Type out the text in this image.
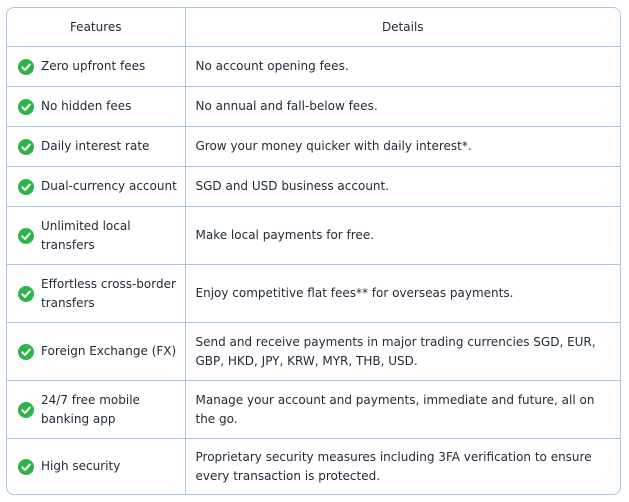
Features	Details

Zero upfront fees	No account opening fees.

No hidden fees	No annual and fall-below fees.

Daily interest rate	Grow your money quicker with daily interest*.

Dual-currency account	SGD and USD business account.

Unlimited local transfers	Make local payments for free.

Effortless cross-border transfers	Enjoy competitive flat fees** for overseas payments.

Foreign Exchange (FX)	Send and receive payments in major trading currencies SGD, EUR, GBP, HKD, JPY, KRW, MYR, THB, USD.

24/7 free mobile banking app	Manage your account and payments, immediate and future, all on the go.

High security	Proprietary security measures including 3FA verification to ensure every transaction is protected.
